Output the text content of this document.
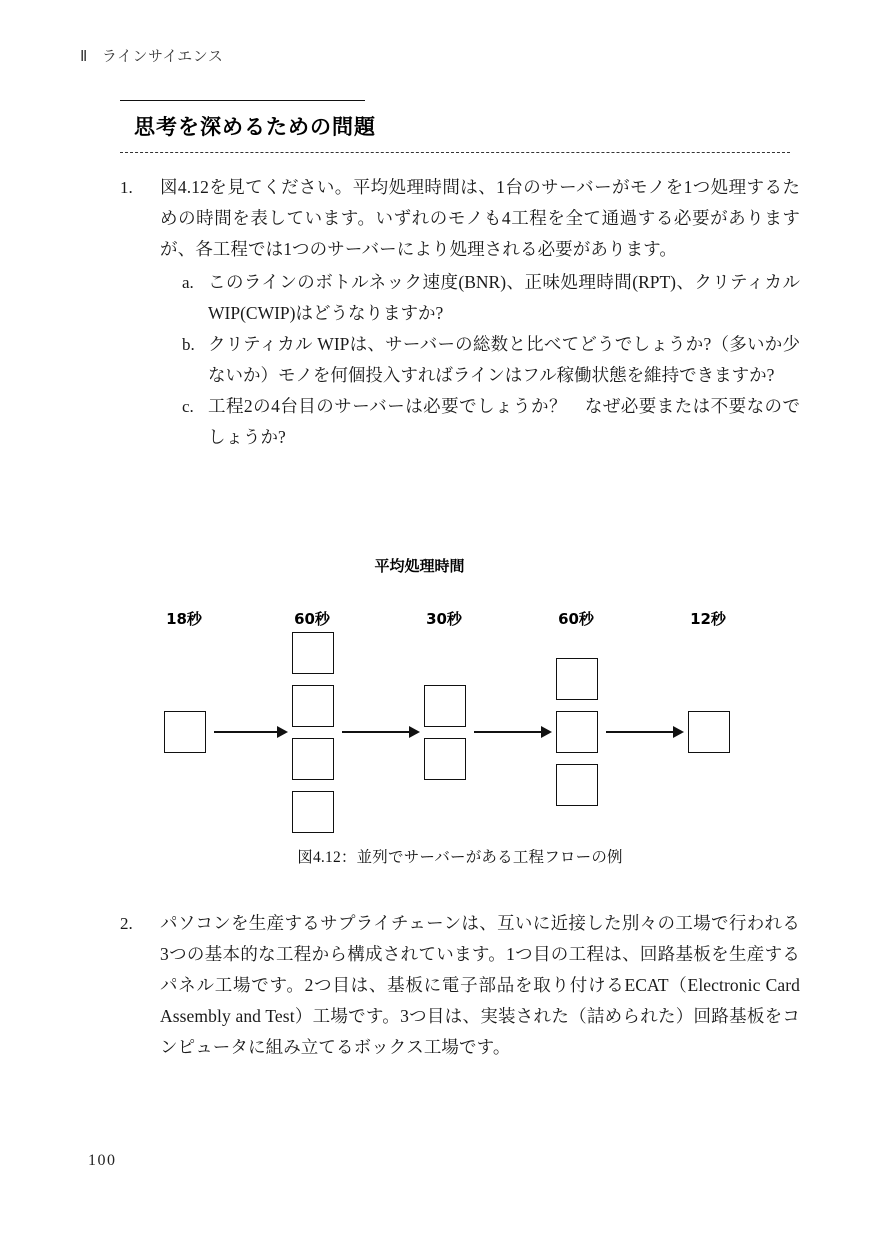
Ⅱ ラインサイエンス
思考を深めるための問題
1.	図4.12を見てください。平均処理時間は、1台のサーバーがモノを1つ処理するための時間を表しています。いずれのモノも4工程を全て通過する必要がありますが、各工程では1つのサーバーにより処理される必要があります。
a. このラインのボトルネック速度(BNR)、正味処理時間(RPT)、クリティカル WIP(CWIP)はどうなりますか?
b. クリティカル WIPは、サーバーの総数と比べてどうでしょうか?（多いか少ないか）モノを何個投入すればラインはフル稼働状態を維持できますか?
c. 工程2の4台目のサーバーは必要でしょうか？　なぜ必要または不要なのでしょうか?
平均処理時間
18秒	60秒	30秒	60秒	12秒
図4.12：並列でサーバーがある工程フローの例
2.	パソコンを生産するサプライチェーンは、互いに近接した別々の工場で行われる3つの基本的な工程から構成されています。1つ目の工程は、回路基板を生産するパネル工場です。2つ目は、基板に電子部品を取り付けるECAT（Electronic Card Assembly and Test）工場です。3つ目は、実装された（詰められた）回路基板をコンピュータに組み立てるボックス工場です。
100
